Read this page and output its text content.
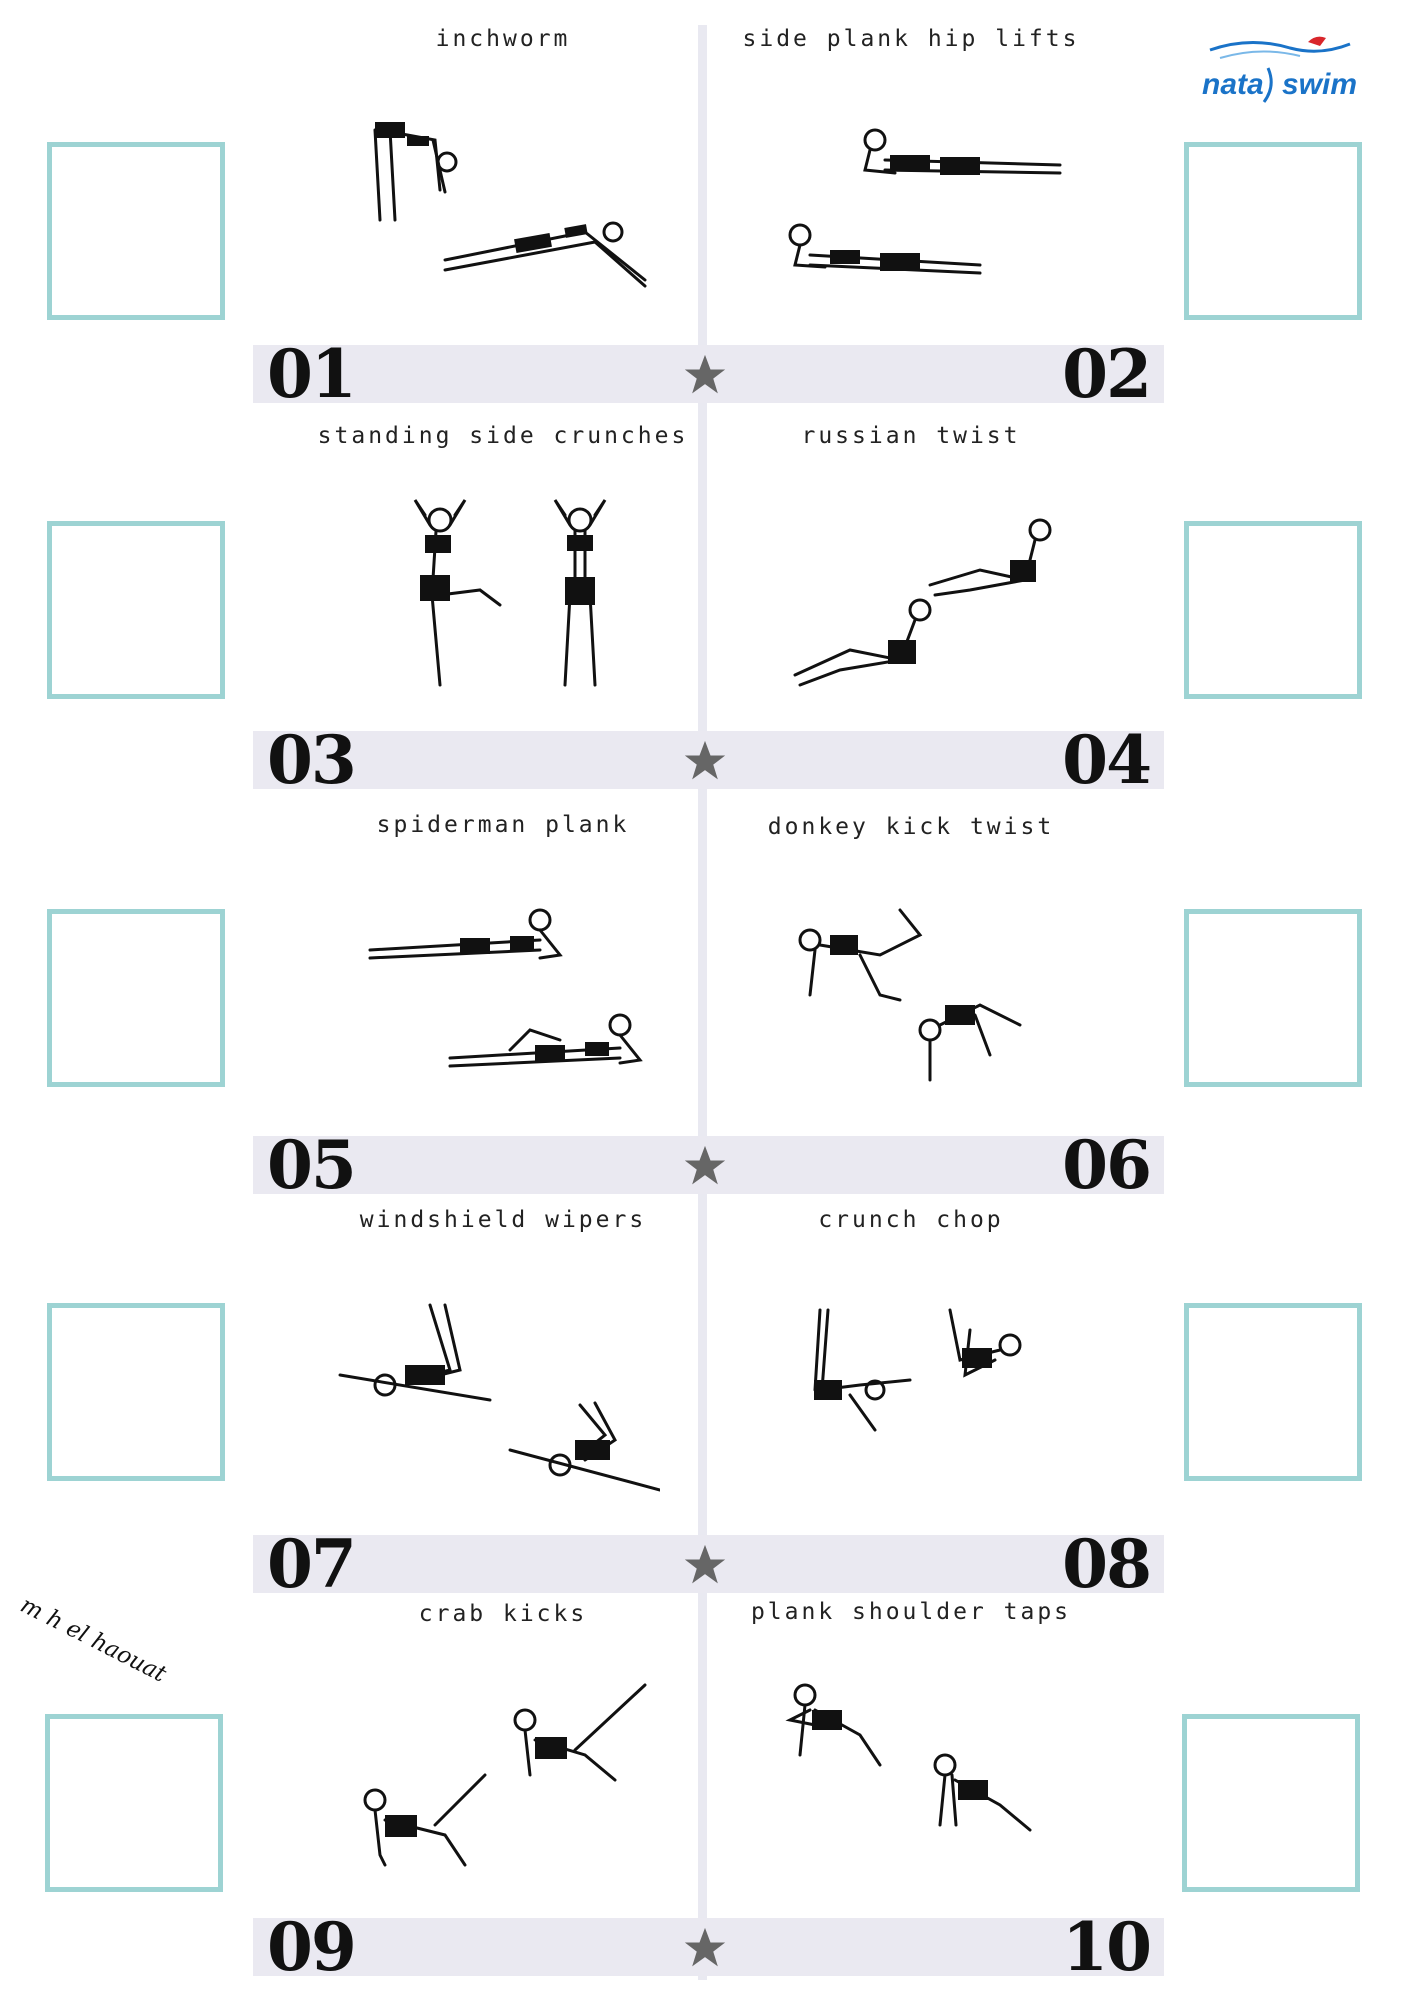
nata swim
m h el haouat
inchworm	side plank hip lifts
standing side crunches	russian twist
spiderman plank	donkey kick twist
windshield wipers	crunch chop
crab kicks	plank shoulder taps
01	02
03	04
05	06
07	08
09	10
